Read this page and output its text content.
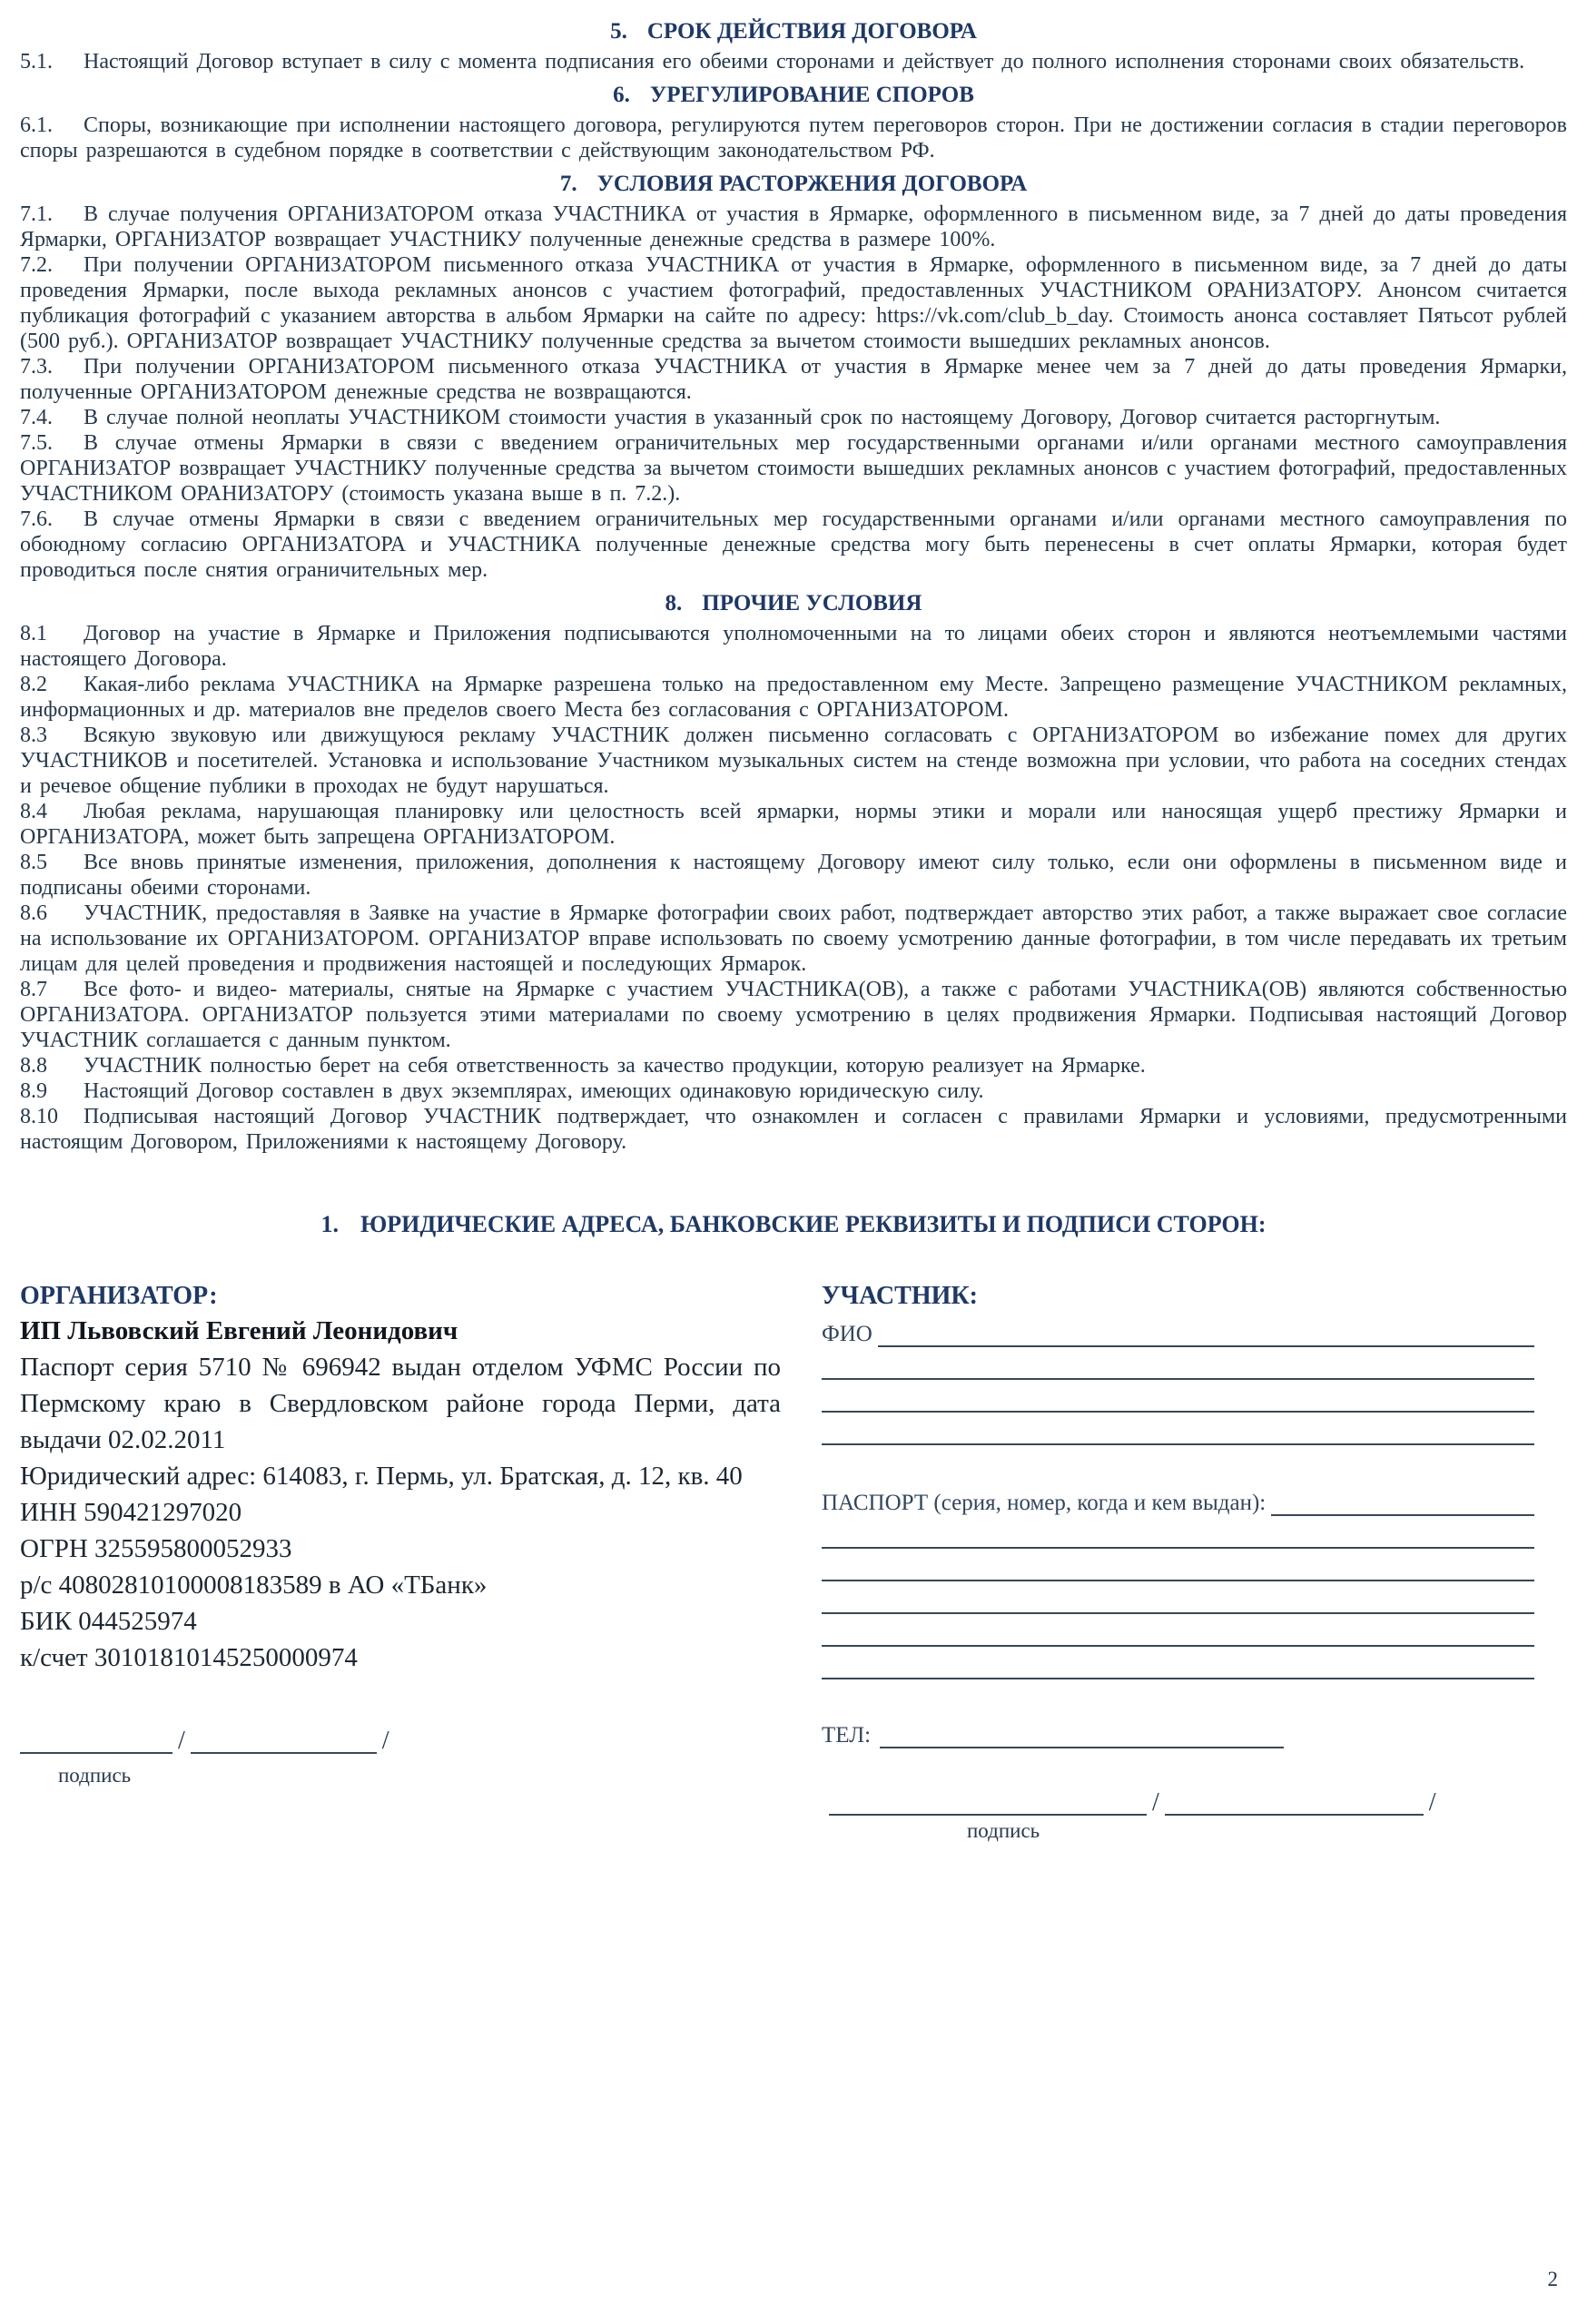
5. СРОК ДЕЙСТВИЯ ДОГОВОРА

5.1. Настоящий Договор вступает в силу с момента подписания его обеими сторонами и действует до полного исполнения сторонами своих обязательств.

6. УРЕГУЛИРОВАНИЕ СПОРОВ

6.1. Споры, возникающие при исполнении настоящего договора, регулируются путем переговоров сторон. При не достижении согласия в стадии переговоров споры разрешаются в судебном порядке в соответствии с действующим законодательством РФ.

7. УСЛОВИЯ РАСТОРЖЕНИЯ ДОГОВОРА

7.1. В случае получения ОРГАНИЗАТОРОМ отказа УЧАСТНИКА от участия в Ярмарке, оформленного в письменном виде, за 7 дней до даты проведения Ярмарки, ОРГАНИЗАТОР возвращает УЧАСТНИКУ полученные денежные средства в размере 100%.

7.2. При получении ОРГАНИЗАТОРОМ письменного отказа УЧАСТНИКА от участия в Ярмарке, оформленного в письменном виде, за 7 дней до даты проведения Ярмарки, после выхода рекламных анонсов с участием фотографий, предоставленных УЧАСТНИКОМ ОРАНИЗАТОРУ. Анонсом считается публикация фотографий с указанием авторства в альбом Ярмарки на сайте по адресу: https://vk.com/club_b_day. Стоимость анонса составляет Пятьсот рублей (500 руб.). ОРГАНИЗАТОР возвращает УЧАСТНИКУ полученные средства за вычетом стоимости вышедших рекламных анонсов.

7.3. При получении ОРГАНИЗАТОРОМ письменного отказа УЧАСТНИКА от участия в Ярмарке менее чем за 7 дней до даты проведения Ярмарки, полученные ОРГАНИЗАТОРОМ денежные средства не возвращаются.

7.4. В случае полной неоплаты УЧАСТНИКОМ стоимости участия в указанный срок по настоящему Договору, Договор считается расторгнутым.

7.5. В случае отмены Ярмарки в связи с введением ограничительных мер государственными органами и/или органами местного самоуправления ОРГАНИЗАТОР возвращает УЧАСТНИКУ полученные средства за вычетом стоимости вышедших рекламных анонсов с участием фотографий, предоставленных УЧАСТНИКОМ ОРАНИЗАТОРУ (стоимость указана выше в п. 7.2.).

7.6. В случае отмены Ярмарки в связи с введением ограничительных мер государственными органами и/или органами местного самоуправления по обоюдному согласию ОРГАНИЗАТОРА и УЧАСТНИКА полученные денежные средства могу быть перенесены в счет оплаты Ярмарки, которая будет проводиться после снятия ограничительных мер.

8. ПРОЧИЕ УСЛОВИЯ

8.1 Договор на участие в Ярмарке и Приложения подписываются уполномоченными на то лицами обеих сторон и являются неотъемлемыми частями настоящего Договора.

8.2 Какая-либо реклама УЧАСТНИКА на Ярмарке разрешена только на предоставленном ему Месте. Запрещено размещение УЧАСТНИКОМ рекламных, информационных и др. материалов вне пределов своего Места без согласования с ОРГАНИЗАТОРОМ.

8.3 Всякую звуковую или движущуюся рекламу УЧАСТНИК должен письменно согласовать с ОРГАНИЗАТОРОМ во избежание помех для других УЧАСТНИКОВ и посетителей. Установка и использование Участником музыкальных систем на стенде возможна при условии, что работа на соседних стендах и речевое общение публики в проходах не будут нарушаться.

8.4 Любая реклама, нарушающая планировку или целостность всей ярмарки, нормы этики и морали или наносящая ущерб престижу Ярмарки и ОРГАНИЗАТОРА, может быть запрещена ОРГАНИЗАТОРОМ.

8.5 Все вновь принятые изменения, приложения, дополнения к настоящему Договору имеют силу только, если они оформлены в письменном виде и подписаны обеими сторонами.

8.6 УЧАСТНИК, предоставляя в Заявке на участие в Ярмарке фотографии своих работ, подтверждает авторство этих работ, а также выражает свое согласие на использование их ОРГАНИЗАТОРОМ. ОРГАНИЗАТОР вправе использовать по своему усмотрению данные фотографии, в том числе передавать их третьим лицам для целей проведения и продвижения настоящей и последующих Ярмарок.

8.7 Все фото- и видео- материалы, снятые на Ярмарке с участием УЧАСТНИКА(ОВ), а также с работами УЧАСТНИКА(ОВ) являются собственностью ОРГАНИЗАТОРА. ОРГАНИЗАТОР пользуется этими материалами по своему усмотрению в целях продвижения Ярмарки. Подписывая настоящий Договор УЧАСТНИК соглашается с данным пунктом.

8.8 УЧАСТНИК полностью берет на себя ответственность за качество продукции, которую реализует на Ярмарке.

8.9 Настоящий Договор составлен в двух экземплярах, имеющих одинаковую юридическую силу.

8.10 Подписывая настоящий Договор УЧАСТНИК подтверждает, что ознакомлен и согласен с правилами Ярмарки и условиями, предусмотренными настоящим Договором, Приложениями к настоящему Договору.

1. ЮРИДИЧЕСКИЕ АДРЕСА, БАНКОВСКИЕ РЕКВИЗИТЫ И ПОДПИСИ СТОРОН:
ОРГАНИЗАТОР:
ИП Львовский Евгений Леонидович

Паспорт серия 5710 № 696942 выдан отделом УФМС России по Пермскому краю в Свердловском районе города Перми, дата выдачи 02.02.2011

Юридический адрес: 614083, г. Пермь, ул. Братская, д. 12, кв. 40

ИНН 590421297020

ОГРН 325595800052933

р/с 40802810100008183589 в АО «ТБанк»

БИК 044525974

к/счет 30101810145250000974

/	/
подпись
УЧАСТНИК:
ФИО
ПАСПОРТ (серия, номер, когда и кем выдан):
ТЕЛ:
/	/
подпись
2
